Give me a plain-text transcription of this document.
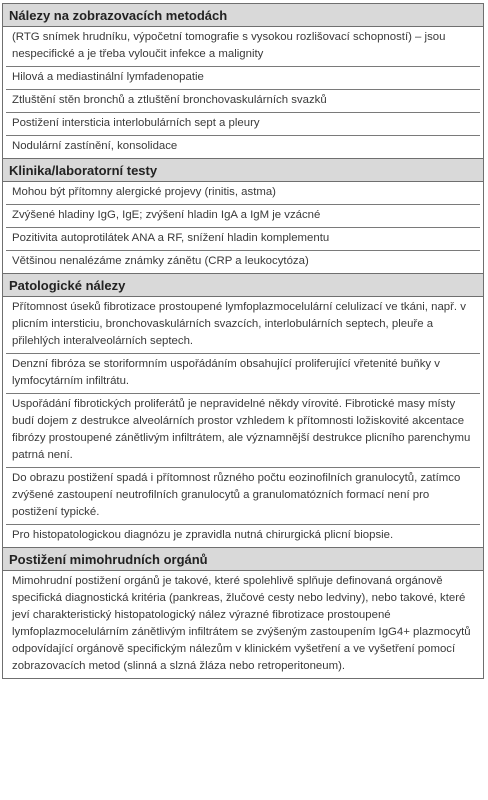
Nálezy na zobrazovacích metodách
(RTG snímek hrudníku, výpočetní tomografie s vysokou rozlišovací schopností) – jsou nespecifické a je třeba vyloučit infekce a malignity
Hilová a mediastinální lymfadenopatie
Ztluštění stěn bronchů a ztluštění bronchovaskulárních svazků
Postižení intersticia interlobulárních sept a pleury
Nodulární zastínění, konsolidace
Klinika/laboratorní testy
Mohou být přítomny alergické projevy (rinitis, astma)
Zvýšené hladiny IgG, IgE; zvýšení hladin IgA a IgM je vzácné
Pozitivita autoprotilátek ANA a RF, snížení hladin komplementu
Většinou nenalézáme známky zánětu (CRP a leukocytóza)
Patologické nálezy
Přítomnost úseků fibrotizace prostoupené lymfoplazmocelulární celulizací ve tkáni, např. v plicním intersticiu, bronchovaskulárních svazcích, interlobulárních septech, pleuře a přilehlých interalveolárních septech.
Denzní fibróza se storiformním uspořádáním obsahující proliferující vřetenité buňky v lymfocytárním infiltrátu.
Uspořádání fibrotických proliferátů je nepravidelné někdy vírovité. Fibrotické masy místy budí dojem z destrukce alveolárních prostor vzhledem k přítomnosti ložiskovité akcentace fibrózy prostoupené zánětlivým infiltrátem, ale významnější destrukce plicního parenchymu patrná není.
Do obrazu postižení spadá i přítomnost různého počtu eozinofilních granulocytů, zatímco zvýšené zastoupení neutrofilních granulocytů a granulomatózních formací není pro postižení typické.
Pro histopatologickou diagnózu je zpravidla nutná chirurgická plicní biopsie.
Postižení mimohrudních orgánů
Mimohrudní postižení orgánů je takové, které spolehlivě splňuje definovaná orgánově specifická diagnostická kritéria (pankreas, žlučové cesty nebo ledviny), nebo takové, které jeví charakteristický histopatologický nález výrazné fibrotizace prostoupené lymfoplazmocelulárním zánětlivým infiltrátem se zvýšeným zastoupením IgG4+ plazmocytů odpovídající orgánově specifickým nálezům v klinickém vyšetření a ve vyšetření pomocí zobrazovacích metod (slinná a slzná žláza nebo retroperitoneum).
